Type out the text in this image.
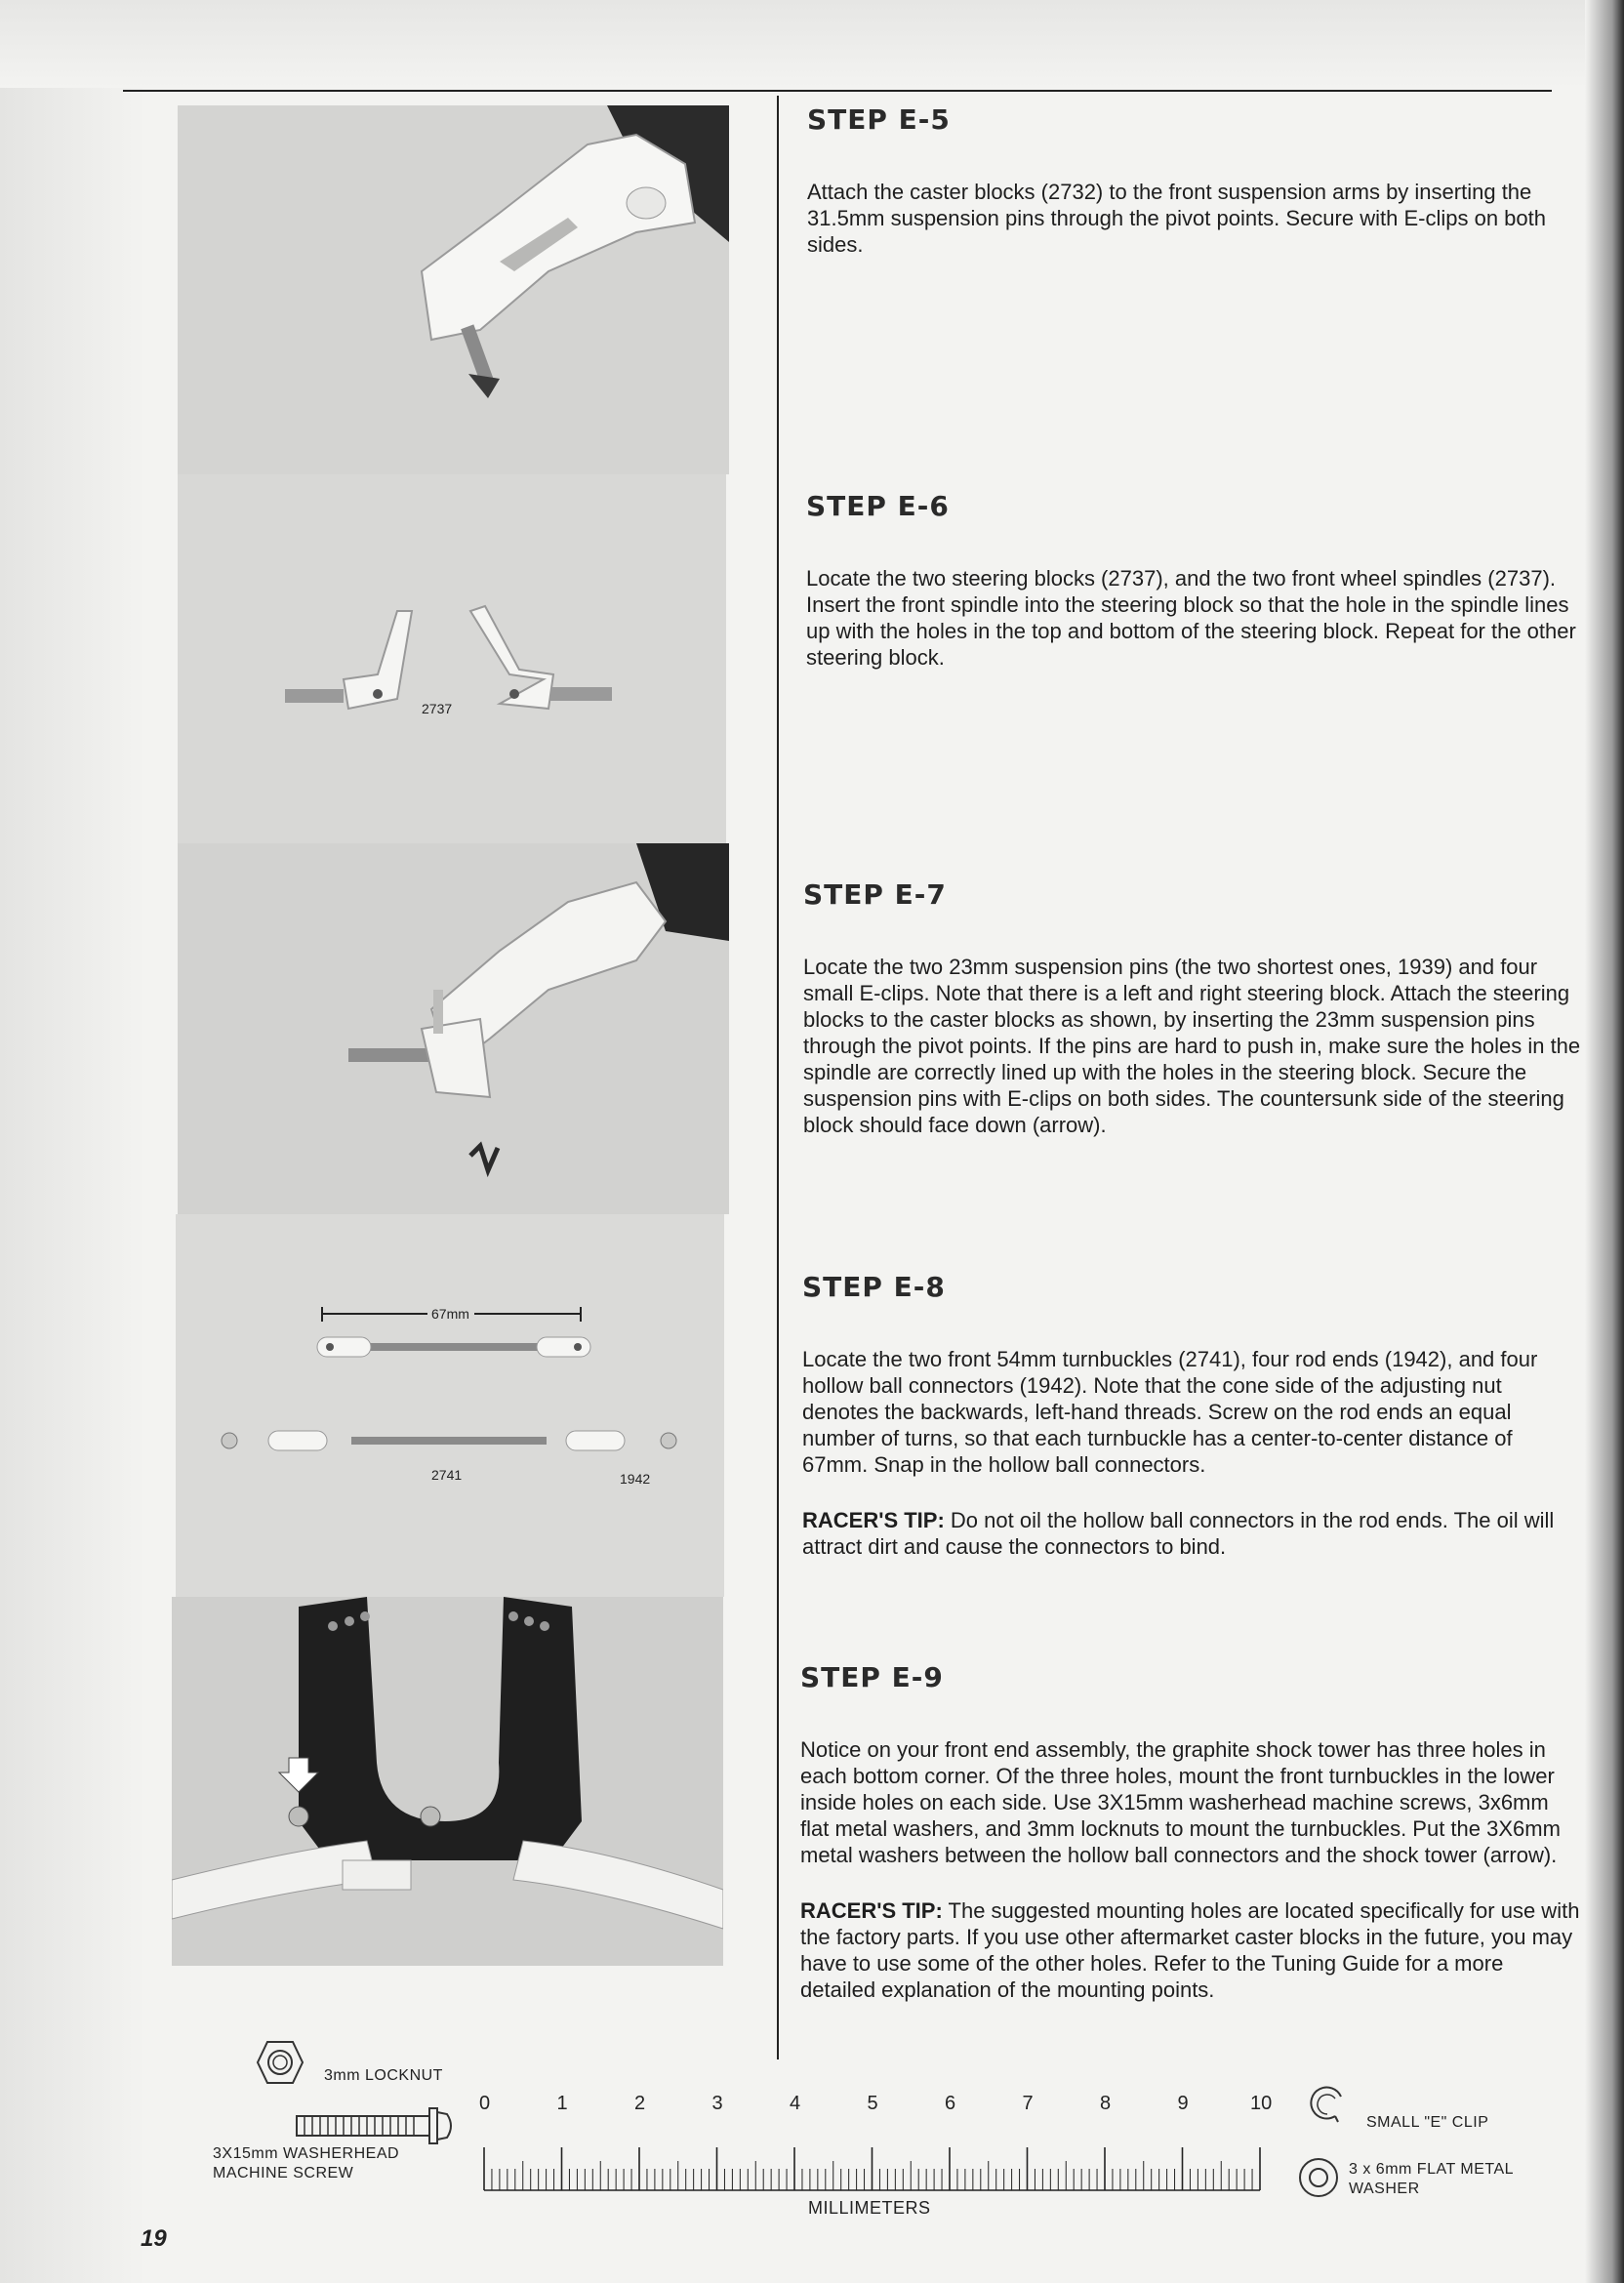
2737
67mm
2741	1942
STEP E-5

Attach the caster blocks (2732) to the front suspension arms by inserting the 31.5mm suspension pins through the pivot points. Secure with E-clips on both sides.

STEP E-6

Locate the two steering blocks (2737), and the two front wheel spindles (2737). Insert the front spindle into the steering block so that the hole in the spindle lines up with the holes in the top and bottom of the steering block. Repeat for the other steering block.

STEP E-7

Locate the two 23mm suspension pins (the two shortest ones, 1939) and four small E-clips. Note that there is a left and right steering block. Attach the steering blocks to the caster blocks as shown, by inserting the 23mm suspension pins through the pivot points. If the pins are hard to push in, make sure the holes in the spindle are correctly lined up with the holes in the steering block. Secure the suspension pins with E-clips on both sides. The countersunk side of the steering block should face down (arrow).

STEP E-8

Locate the two front 54mm turnbuckles (2741), four rod ends (1942), and four hollow ball connectors (1942). Note that the cone side of the adjusting nut denotes the backwards, left-hand threads. Screw on the rod ends an equal number of turns, so that each turnbuckle has a center-to-center distance of 67mm. Snap in the hollow ball connectors.

RACER'S TIP: Do not oil the hollow ball connectors in the rod ends. The oil will attract dirt and cause the connectors to bind.

STEP E-9

Notice on your front end assembly, the graphite shock tower has three holes in each bottom corner. Of the three holes, mount the front turnbuckles in the lower inside holes on each side. Use 3X15mm washerhead machine screws, 3x6mm flat metal washers, and 3mm locknuts to mount the turnbuckles. Put the 3X6mm metal washers between the hollow ball connectors and the shock tower (arrow).

RACER'S TIP: The suggested mounting holes are located specifically for use with the factory parts. If you use other aftermarket caster blocks in the future, you may have to use some of the other holes. Refer to the Tuning Guide for a more detailed explanation of the mounting points.

3mm LOCKNUT
3X15mm WASHERHEAD
MACHINE SCREW
SMALL "E" CLIP
3 x 6mm FLAT METAL
WASHER
0	1	2	3	4	5	6	7	8	9	10
MILLIMETERS
19
